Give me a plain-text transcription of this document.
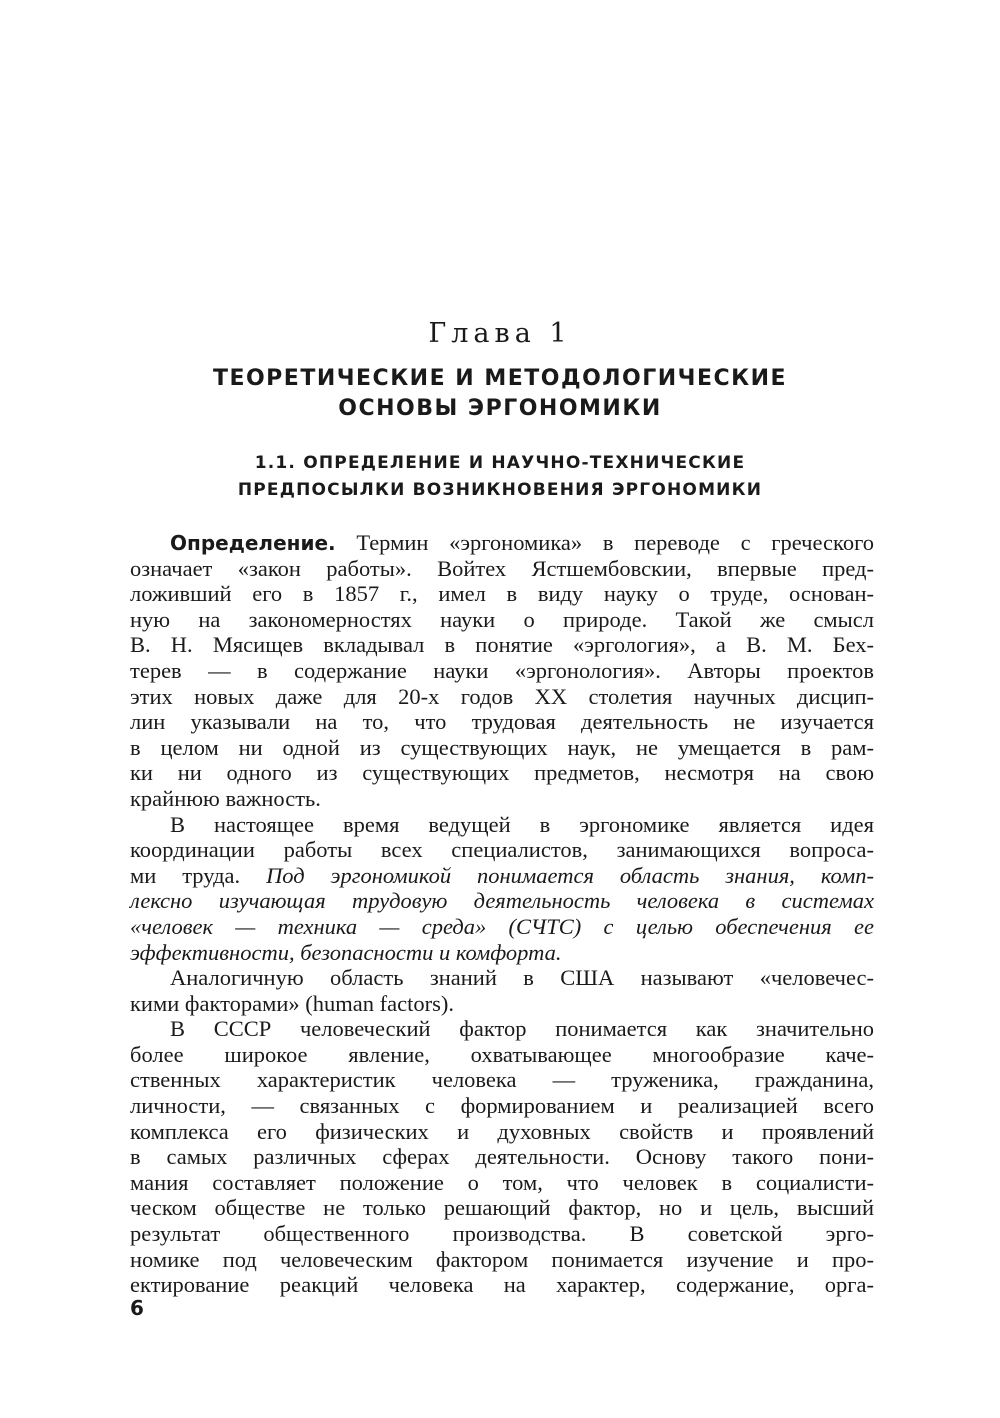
Глава 1
ТЕОРЕТИЧЕСКИЕ И МЕТОДОЛОГИЧЕСКИЕ
ОСНОВЫ ЭРГОНОМИКИ
1.1. ОПРЕДЕЛЕНИЕ И НАУЧНО-ТЕХНИЧЕСКИЕ
ПРЕДПОСЫЛКИ ВОЗНИКНОВЕНИЯ ЭРГОНОМИКИ
Определение. Термин «эргономика» в переводе с греческого
означает «закон работы». Войтех Ястшембовскии, впервые пред-
ложивший его в 1857 г., имел в виду науку о труде, основан-
ную на закономерностях науки о природе. Такой же смысл
В. Н. Мясищев вкладывал в понятие «эргология», а В. М. Бех-
терев — в содержание науки «эргонология». Авторы проектов
этих новых даже для 20-х годов XX столетия научных дисцип-
лин указывали на то, что трудовая деятельность не изучается
в целом ни одной из существующих наук, не умещается в рам-
ки ни одного из существующих предметов, несмотря на свою
крайнюю важность.
В настоящее время ведущей в эргономике является идея
координации работы всех специалистов, занимающихся вопроса-
ми труда. Под эргономикой понимается область знания, комп-
лексно изучающая трудовую деятельность человека в системах
«человек — техника — среда» (СЧТС) с целью обеспечения ее
эффективности, безопасности и комфорта.
Аналогичную область знаний в США называют «человечес-
кими факторами» (human factors).
В СССР человеческий фактор понимается как значительно
более широкое явление, охватывающее многообразие каче-
ственных характеристик человека — труженика, гражданина,
личности, — связанных с формированием и реализацией всего
комплекса его физических и духовных свойств и проявлений
в самых различных сферах деятельности. Основу такого пони-
мания составляет положение о том, что человек в социалисти-
ческом обществе не только решающий фактор, но и цель, высший
результат общественного производства. В советской эрго-
номике под человеческим фактором понимается изучение и про-
ектирование реакций человека на характер, содержание, орга-
6
